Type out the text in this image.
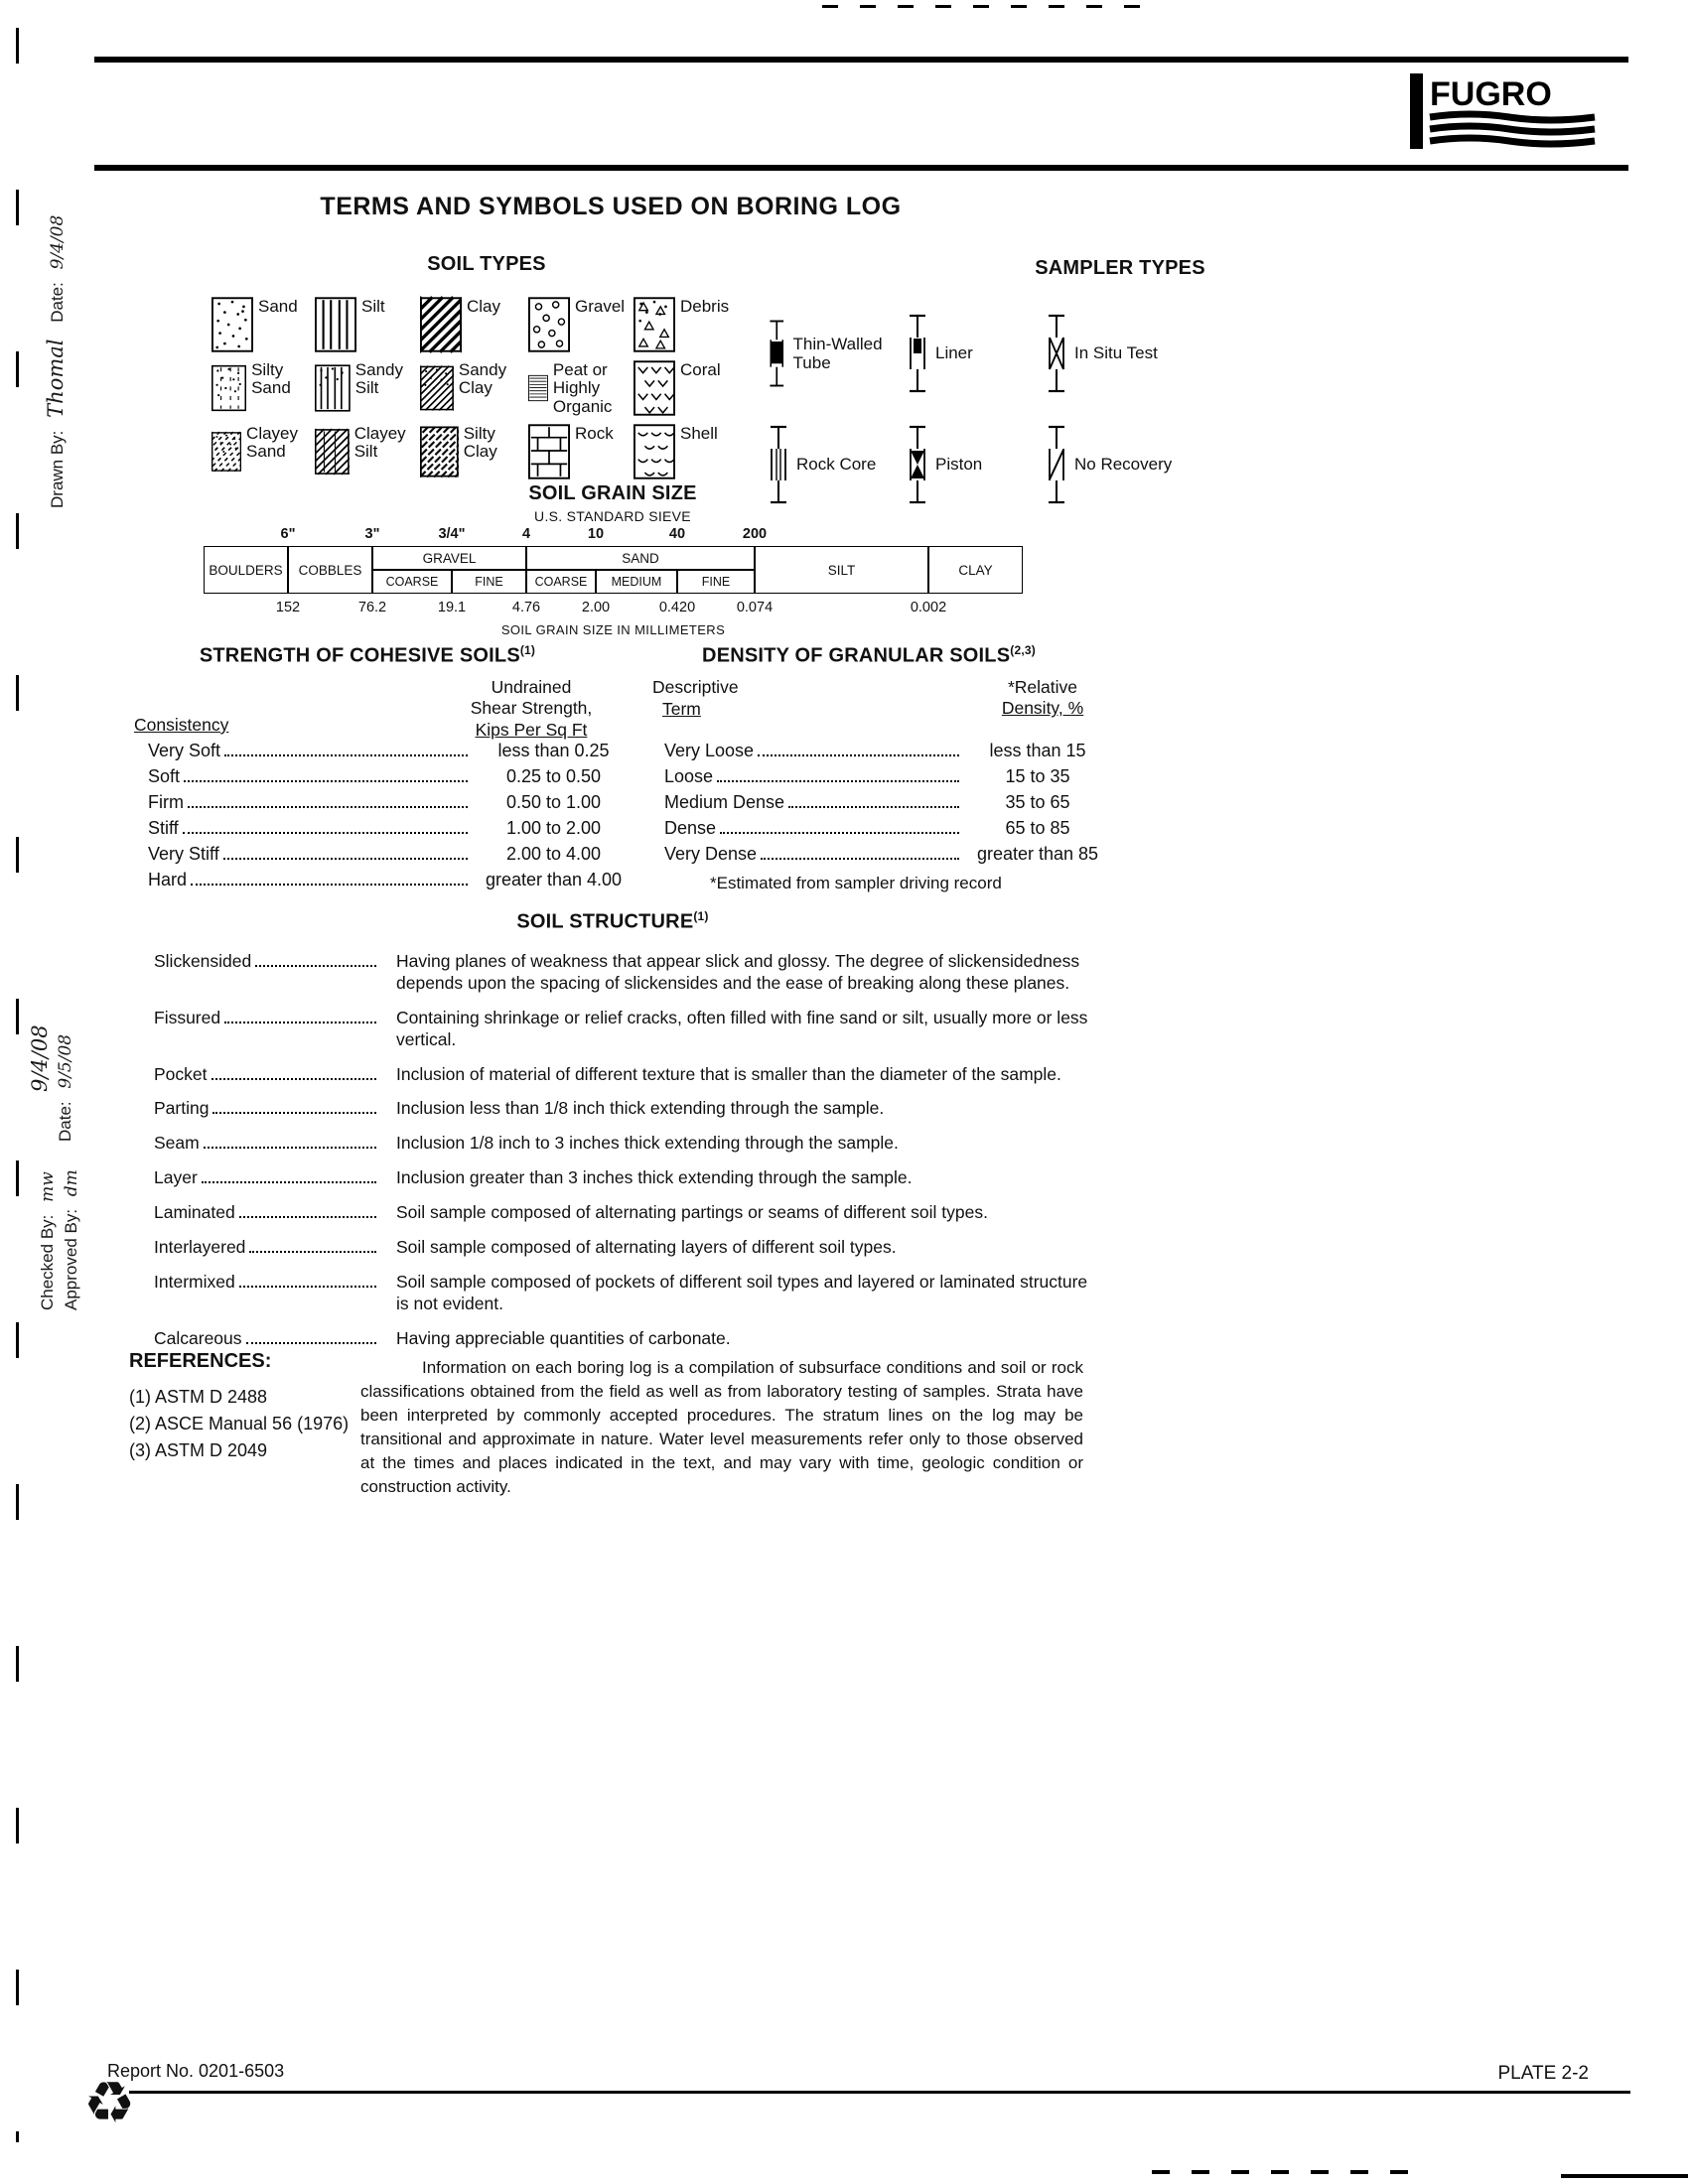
FUGRO
TERMS AND SYMBOLS USED ON BORING LOG
SOIL TYPES	SAMPLER TYPES
Sand	Silt	Clay	Gravel	Debris
Silty Sand
Sandy Silt
Sandy Clay
Peat or Highly Organic
Coral
Clayey Sand
Clayey Silt
Silty Clay
Rock	Shell
Thin-Walled Tube
Liner	In Situ Test
Rock Core	Piston	No Recovery
SOIL GRAIN SIZE
U.S. STANDARD SIEVE
6"	3"	3/4"	4	10	40	200
BOULDERS	COBBLES
GRAVEL
COARSE	FINE
SAND
COARSE	MEDIUM	FINE
SILT	CLAY
152	76.2	19.1	4.76	2.00	0.420	0.074	0.002
SOIL GRAIN SIZE IN MILLIMETERS
STRENGTH OF COHESIVE SOILS$^{(1)}$	DENSITY OF GRANULAR SOILS$^{(2,3)}$
Undrained
Shear Strength,
Kips Per Sq Ft
Consistency
Very Soft	less than 0.25
Soft	0.25 to 0.50
Firm	0.50 to 1.00
Stiff	1.00 to 2.00
Very Stiff	2.00 to 4.00
Hard	greater than 4.00
Descriptive
Term
*Relative
Density, %
Very Loose	less than 15
Loose	15 to 35
Medium Dense	35 to 65
Dense	65 to 85
Very Dense	greater than 85
*Estimated from sampler driving record
SOIL STRUCTURE$^{(1)}$
Slickensided	Having planes of weakness that appear slick and glossy. The degree of slickensidedness depends upon the spacing of slickensides and the ease of breaking along these planes.
Fissured	Containing shrinkage or relief cracks, often filled with fine sand or silt, usually more or less vertical.
Pocket	Inclusion of material of different texture that is smaller than the diameter of the sample.
Parting	Inclusion less than 1/8 inch thick extending through the sample.
Seam	Inclusion 1/8 inch to 3 inches thick extending through the sample.
Layer	Inclusion greater than 3 inches thick extending through the sample.
Laminated	Soil sample composed of alternating partings or seams of different soil types.
Interlayered	Soil sample composed of alternating layers of different soil types.
Intermixed	Soil sample composed of pockets of different soil types and layered or laminated structure is not evident.
Calcareous	Having appreciable quantities of carbonate.
REFERENCES:
(1) ASTM D 2488
(2) ASCE Manual 56 (1976)
(3) ASTM D 2049
Information on each boring log is a compilation of subsurface conditions and soil or rock classifications obtained from the field as well as from laboratory testing of samples. Strata have been interpreted by commonly accepted procedures. The stratum lines on the log may be transitional and approximate in nature. Water level measurements refer only to those observed at the times and places indicated in the text, and may vary with time, geologic condition or construction activity.
Report No. 0201-6503	PLATE 2-2
♻
Drawn By: Thomal Date: 9/4/08
9/4/08
Date: 9/5/08
Checked By: mw
Approved By: dm
